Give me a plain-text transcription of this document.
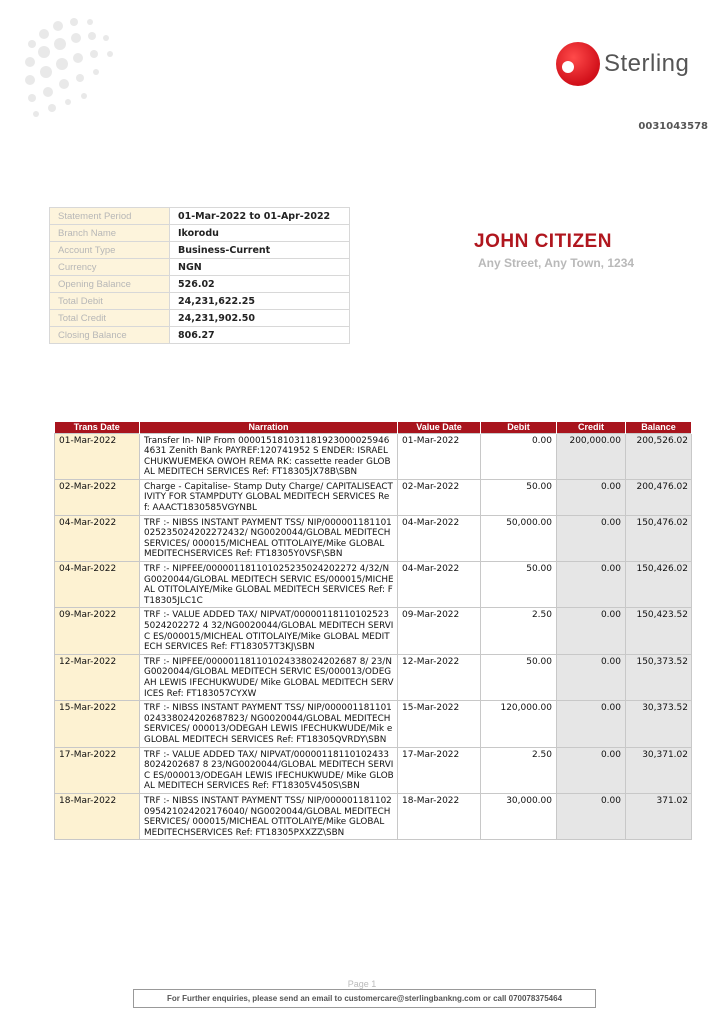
Sterling
0031043578
Statement Period	01-Mar-2022 to 01-Apr-2022
Branch Name	Ikorodu
Account Type	Business-Current
Currency	NGN
Opening Balance	526.02
Total Debit	24,231,622.25
Total Credit	24,231,902.50
Closing Balance	806.27
JOHN CITIZEN
Any Street, Any Town, 1234
Trans Date	Narration	Value Date	Debit	Credit	Balance
01-Mar-2022	Transfer In- NIP From 000015181031181923000025946 4631 Zenith Bank PAYREF:120741952 S ENDER: ISRAEL CHUKWUEMEKA OWOH REMA RK: cassette reader GLOBAL MEDITECH SERVICES Ref: FT18305JX78B\SBN	01-Mar-2022	0.00	200,000.00	200,526.02
02-Mar-2022	Charge - Capitalise- Stamp Duty Charge/ CAPITALISEACTIVITY FOR STAMPDUTY GLOBAL MEDITECH SERVICES Ref: AAACT1830585VGYNBL	02-Mar-2022	50.00	0.00	200,476.02
04-Mar-2022	TRF :- NIBSS INSTANT PAYMENT TSS/ NIP/000001181101025235024202272432/ NG0020044/GLOBAL MEDITECH SERVICES/ 000015/MICHEAL OTITOLAIYE/Mike GLOBAL MEDITECHSERVICES Ref: FT18305Y0VSF\SBN	04-Mar-2022	50,000.00	0.00	150,476.02
04-Mar-2022	TRF :- NIPFEE/000001181101025235024202272 4/32/NG0020044/GLOBAL MEDITECH SERVIC ES/000015/MICHEAL OTITOLAIYE/Mike GLOBAL MEDITECH SERVICES Ref: FT18305JLC1C	04-Mar-2022	50.00	0.00	150,426.02
09-Mar-2022	TRF :- VALUE ADDED TAX/ NIPVAT/000001181101025235024202272 4 32/NG0020044/GLOBAL MEDITECH SERVIC ES/000015/MICHEAL OTITOLAIYE/Mike GLOBAL MEDITECH SERVICES Ref: FT183057T3KJ\SBN	09-Mar-2022	2.50	0.00	150,423.52
12-Mar-2022	TRF :- NIPFEE/000001181101024338024202687 8/ 23/NG0020044/GLOBAL MEDITECH SERVIC ES/000013/ODEGAH LEWIS IFECHUKWUDE/ Mike GLOBAL MEDITECH SERVICES Ref: FT183057CYXW	12-Mar-2022	50.00	0.00	150,373.52
15-Mar-2022	TRF :- NIBSS INSTANT PAYMENT TSS/ NIP/000001181101024338024202687823/ NG0020044/GLOBAL MEDITECH SERVICES/ 000013/ODEGAH LEWIS IFECHUKWUDE/Mik e GLOBAL MEDITECH SERVICES Ref: FT18305QVRDY\SBN	15-Mar-2022	120,000.00	0.00	30,373.52
17-Mar-2022	TRF :- VALUE ADDED TAX/ NIPVAT/000001181101024338024202687 8 23/NG0020044/GLOBAL MEDITECH SERVIC ES/000013/ODEGAH LEWIS IFECHUKWUDE/ Mike GLOBAL MEDITECH SERVICES Ref: FT18305V450S\SBN	17-Mar-2022	2.50	0.00	30,371.02
18-Mar-2022	TRF :- NIBSS INSTANT PAYMENT TSS/ NIP/000001181102095421024202176040/ NG0020044/GLOBAL MEDITECH SERVICES/ 000015/MICHEAL OTITOLAIYE/Mike GLOBAL MEDITECHSERVICES Ref: FT18305PXXZZ\SBN	18-Mar-2022	30,000.00	0.00	371.02
Page 1
For Further enquiries, please send an email to customercare@sterlingbankng.com or call 070078375464
